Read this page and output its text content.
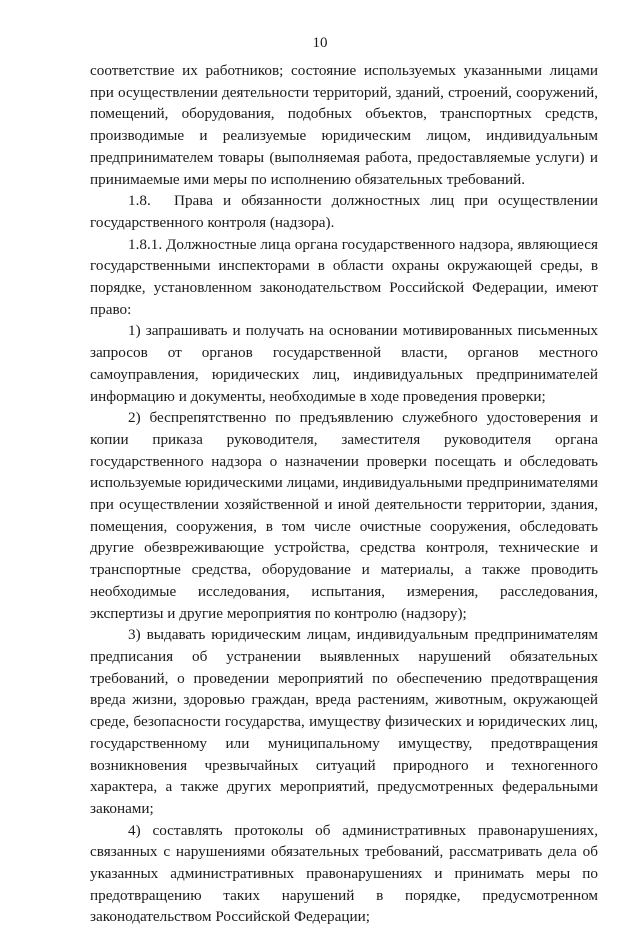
10

соответствие их работников; состояние используемых указанными лицами при осуществлении деятельности территорий, зданий, строений, сооружений, помещений, оборудования, подобных объектов, транспортных средств, производимые и реализуемые юридическим лицом, индивидуальным предпринимателем товары (выполняемая работа, предоставляемые услуги) и принимаемые ими меры по исполнению обязательных требований.

1.8. Права и обязанности должностных лиц при осуществлении государственного контроля (надзора).

1.8.1. Должностные лица органа государственного надзора, являющиеся государственными инспекторами в области охраны окружающей среды, в порядке, установленном законодательством Российской Федерации, имеют право:

1) запрашивать и получать на основании мотивированных письменных запросов от органов государственной власти, органов местного самоуправления, юридических лиц, индивидуальных предпринимателей информацию и документы, необходимые в ходе проведения проверки;

2) беспрепятственно по предъявлению служебного удостоверения и копии приказа руководителя, заместителя руководителя органа государственного надзора о назначении проверки посещать и обследовать используемые юридическими лицами, индивидуальными предпринимателями при осуществлении хозяйственной и иной деятельности территории, здания, помещения, сооружения, в том числе очистные сооружения, обследовать другие обезвреживающие устройства, средства контроля, технические и транспортные средства, оборудование и материалы, а также проводить необходимые исследования, испытания, измерения, расследования, экспертизы и другие мероприятия по контролю (надзору);

3) выдавать юридическим лицам, индивидуальным предпринимателям предписания об устранении выявленных нарушений обязательных требований, о проведении мероприятий по обеспечению предотвращения вреда жизни, здоровью граждан, вреда растениям, животным, окружающей среде, безопасности государства, имуществу физических и юридических лиц, государственному или муниципальному имуществу, предотвращения возникновения чрезвычайных ситуаций природного и техногенного характера, а также других мероприятий, предусмотренных федеральными законами;

4) составлять протоколы об административных правонарушениях, связанных с нарушениями обязательных требований, рассматривать дела об указанных административных правонарушениях и принимать меры по предотвращению таких нарушений в порядке, предусмотренном законодательством Российской Федерации;
